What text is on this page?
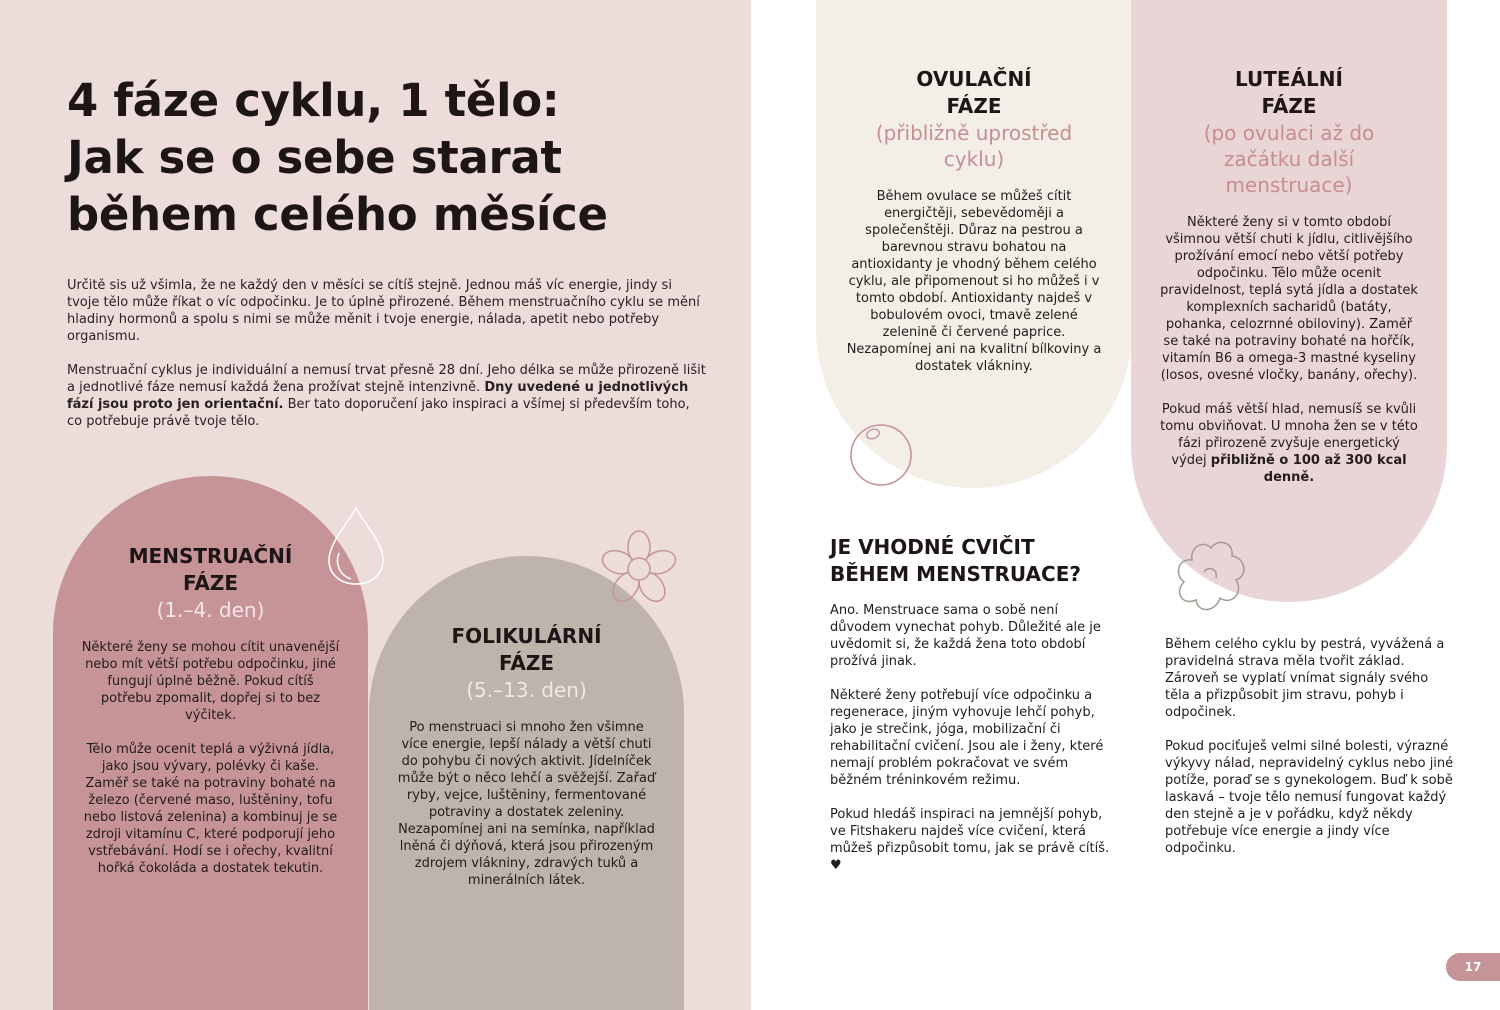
4 fáze cyklu, 1 tělo:
Jak se o sebe starat
během celého měsíce

Určitě sis už všimla, že ne každý den v měsíci se cítíš stejně. Jednou máš víc energie, jindy si tvoje tělo může říkat o víc odpočinku. Je to úplně přirozené. Během menstruačního cyklu se mění hladiny hormonů a spolu s nimi se může měnit i tvoje energie, nálada, apetit nebo potřeby organismu.

Menstruační cyklus je individuální a nemusí trvat přesně 28 dní. Jeho délka se může přirozeně lišit a jednotlivé fáze nemusí každá žena prožívat stejně intenzivně. Dny uvedené u jednotlivých fází jsou proto jen orientační. Ber tato doporučení jako inspiraci a všímej si především toho, co potřebuje právě tvoje tělo.

MENSTRUAČNÍ
FÁZE
(1.–4. den)

Některé ženy se mohou cítit unavenější nebo mít větší potřebu odpočinku, jiné fungují úplně běžně. Pokud cítíš potřebu zpomalit, dopřej si to bez výčitek.

Tělo může ocenit teplá a výživná jídla, jako jsou vývary, polévky či kaše. Zaměř se také na potraviny bohaté na železo (červené maso, luštěniny, tofu nebo listová zelenina) a kombinuj je se zdroji vitamínu C, které podporují jeho vstřebávání. Hodí se i ořechy, kvalitní hořká čokoláda a dostatek tekutin.

FOLIKULÁRNÍ
FÁZE
(5.–13. den)

Po menstruaci si mnoho žen všimne více energie, lepší nálady a větší chuti do pohybu či nových aktivit. Jídelníček může být o něco lehčí a svěžejší. Zařaď ryby, vejce, luštěniny, fermentované potraviny a dostatek zeleniny. Nezapomínej ani na semínka, například lněná či dýňová, která jsou přirozeným zdrojem vlákniny, zdravých tuků a minerálních látek.

OVULAČNÍ
FÁZE
(přibližně uprostřed cyklu)

Během ovulace se můžeš cítit energičtěji, sebevědoměji a společenštěji. Důraz na pestrou a barevnou stravu bohatou na antioxidanty je vhodný během celého cyklu, ale připomenout si ho můžeš i v tomto období. Antioxidanty najdeš v bobulovém ovoci, tmavě zelené zelenině či červené paprice. Nezapomínej ani na kvalitní bílkoviny a dostatek vlákniny.

LUTEÁLNÍ
FÁZE
(po ovulaci až do začátku další menstruace)

Některé ženy si v tomto období všimnou větší chuti k jídlu, citlivějšího prožívání emocí nebo větší potřeby odpočinku. Tělo může ocenit pravidelnost, teplá sytá jídla a dostatek komplexních sacharidů (batáty, pohanka, celozrnné obiloviny). Zaměř se také na potraviny bohaté na hořčík, vitamín B6 a omega-3 mastné kyseliny (losos, ovesné vločky, banány, ořechy).

Pokud máš větší hlad, nemusíš se kvůli tomu obviňovat. U mnoha žen se v této fázi přirozeně zvyšuje energetický výdej přibližně o 100 až 300 kcal denně.

JE VHODNÉ CVIČIT
BĚHEM MENSTRUACE?

Ano. Menstruace sama o sobě není důvodem vynechat pohyb. Důležité ale je uvědomit si, že každá žena toto období prožívá jinak.

Některé ženy potřebují více odpočinku a regenerace, jiným vyhovuje lehčí pohyb, jako je strečink, jóga, mobilizační či rehabilitační cvičení. Jsou ale i ženy, které nemají problém pokračovat ve svém běžném tréninkovém režimu.

Pokud hledáš inspiraci na jemnější pohyb, ve Fitshakeru najdeš více cvičení, která můžeš přizpůsobit tomu, jak se právě cítíš. ♥

Během celého cyklu by pestrá, vyvážená a pravidelná strava měla tvořit základ. Zároveň se vyplatí vnímat signály svého těla a přizpůsobit jim stravu, pohyb i odpočinek.

Pokud pociťuješ velmi silné bolesti, výrazné výkyvy nálad, nepravidelný cyklus nebo jiné potíže, poraď se s gynekologem. Buď k sobě laskavá – tvoje tělo nemusí fungovat každý den stejně a je v pořádku, když někdy potřebuje více energie a jindy více odpočinku.

17
